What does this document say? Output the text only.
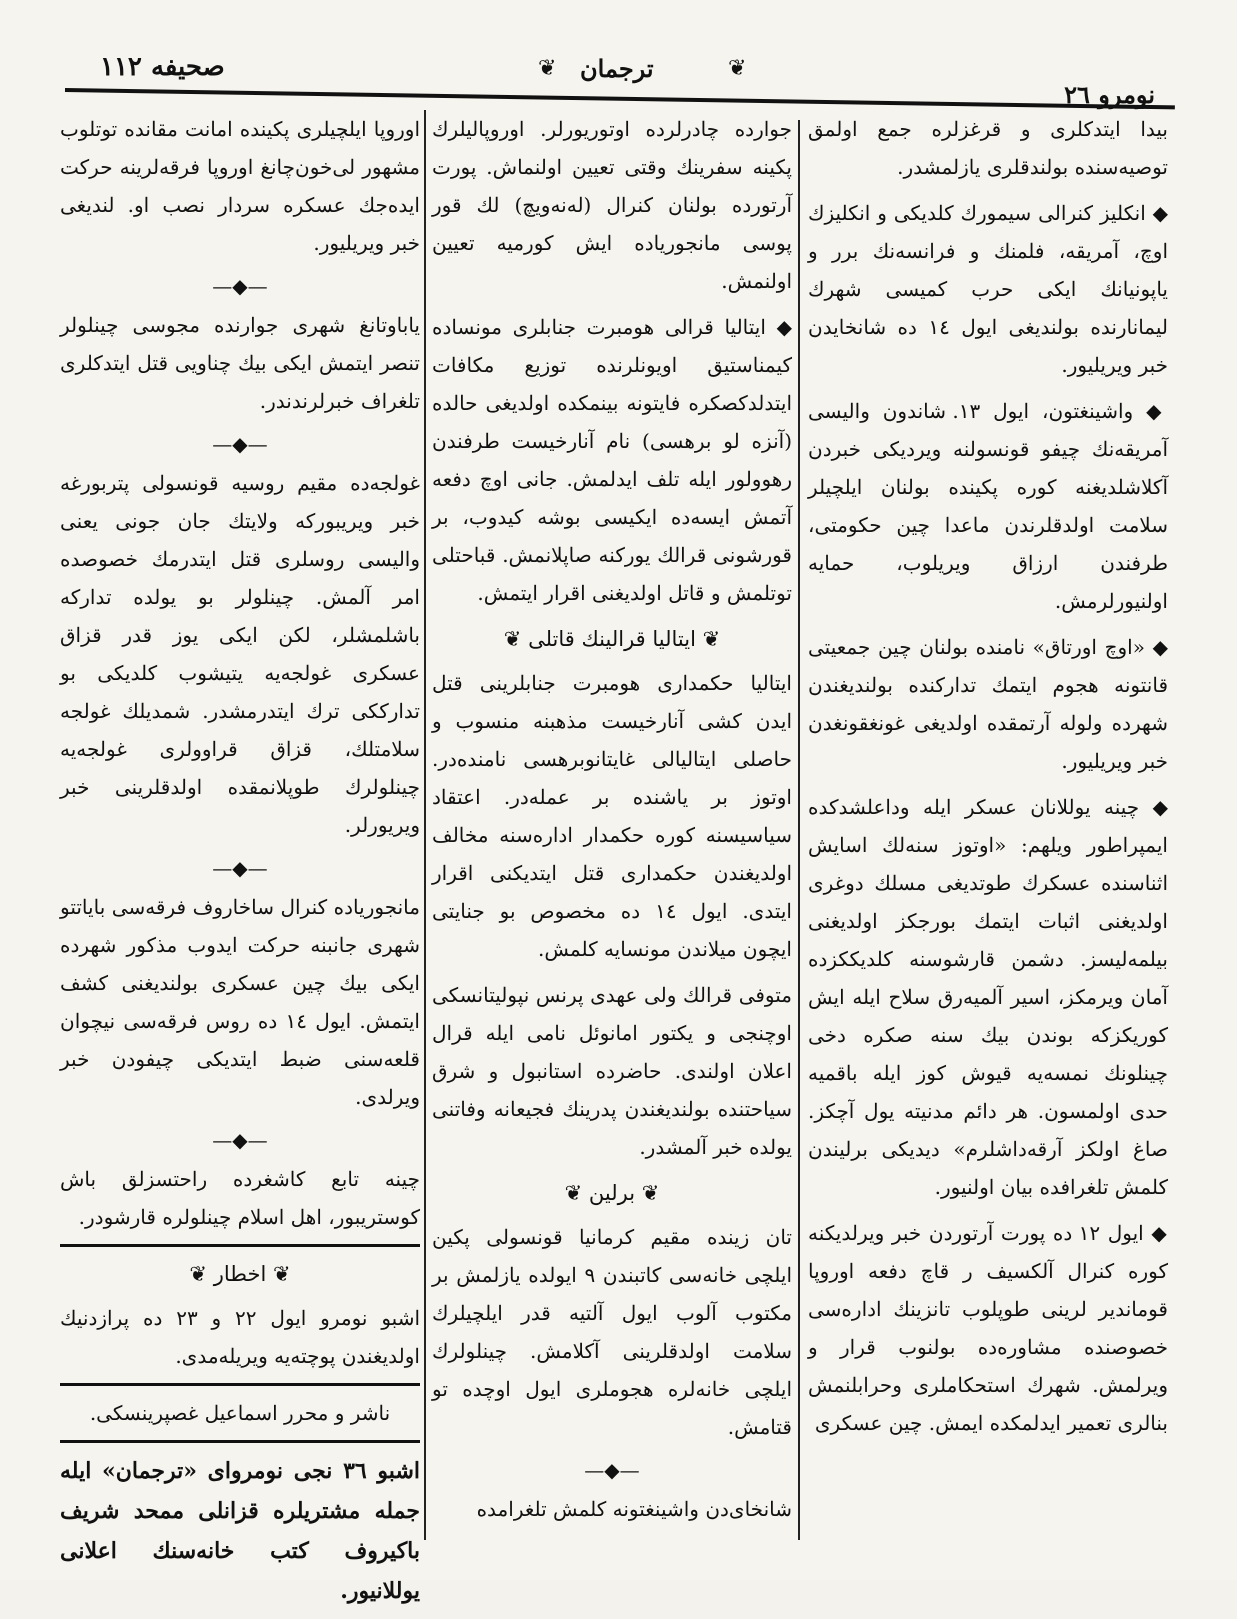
صحيفه ١١٢	❦ ترجمان	❦
نومرو ٢٦

بيدا ايتدكلرى و قرغزلره جمع اولمق توصيه‌سنده بولندقلرى يازلمشدر.

◆ انكليز كنرالى سيمورك كلديكى و انكليزك اوچ، آمريقه، فلمنك و فرانسه‌نك برر و ياپونيانك ايكى حرب كميسى شهرك ليمانارنده بولنديغى ايول ١٤ ده شانخايدن خبر ويريليور.

◆ واشينغتون، ايول ١٣. شاندون واليسى آمريقه‌نك چيفو قونسولنه ويرديكى خبردن آكلاشلديغنه كوره پكينده بولنان ايلچيلر سلامت اولدقلرندن ماعدا چين حكومتى، طرفندن ارزاق ويريلوب، حمايه اولنيورلرمش.

◆ «اوچ اورتاق» نامنده بولنان چين جمعيتى قانتونه هجوم ايتمك تداركنده بولنديغندن شهرده ولوله آرتمقده اولديغى غونغقونغدن خبر ويريليور.

◆ چينه يوللانان عسكر ايله وداعلشدكده ايمپراطور ويلهم: «اوتوز سنه‌لك اسايش اثناسنده عسكرك طوتديغى مسلك دوغرى اولديغنى اثبات ايتمك بورجكز اولديغنى بيلمه‌ليسز. دشمن قارشوسنه كلديككزده آمان ويرمكز، اسير آلميه‌رق سلاح ايله ايش كوريكزكه بوندن بيك سنه صكره دخى چينلونك نمسه‌يه قيوش كوز ايله باقميه حدى اولمسون. هر دائم مدنيته يول آچكز. صاغ اولكز آرقه‌داشلرم» ديديكى برليندن كلمش تلغرافده بيان اولنيور.

◆ ايول ١٢ ده پورت آرتوردن خبر ويرلديكنه كوره كنرال آلكسيف ر قاچ دفعه اوروپا قوماندير لرينى طوپلوب تانزينك اداره‌سى خصوصنده مشاوره‌ده بولنوب قرار و ويرلمش. شهرك استحكاملرى وحرابلنمش بنالرى تعمير ايدلمكده ايمش. چين عسكرى

جوارده چادرلرده اوتوريورلر. اوروپاليلرك پكينه سفرينك وقتى تعيين اولنماش. پورت آرتورده بولنان كنرال (له‌نه‌ويچ) لك قور پوسى مانجورياده ايش كورميه تعيين اولنمش.

◆ ايتاليا قرالى هومبرت جنابلرى مونساده كيمناستيق اويونلرنده توزيع مكافات ايتدلدكصكره فايتونه بينمكده اولديغى حالده (آنزه لو برهسى) نام آنارخيست طرفندن رهوولور ايله تلف ايدلمش. جانى اوچ دفعه آتمش ايسه‌ده ايكيسى بوشه كيدوب، بر قورشونى قرالك يوركنه صاپلانمش. قباحتلى توتلمش و قاتل اولديغنى اقرار ايتمش.

❦ ايتاليا قرالينك قاتلى ❦

ايتاليا حكمدارى هومبرت جنابلرينى قتل ايدن كشى آنارخيست مذهبنه منسوب و حاصلى ايتاليالى غايتانوبرهسى نامنده‌در. اوتوز بر ياشنده بر عمله‌در. اعتقاد سياسيسنه كوره حكمدار اداره‌سنه مخالف اولديغندن حكمدارى قتل ايتديكنى اقرار ايتدى. ايول ١٤ ده مخصوص بو جنايتى ايچون ميلاندن مونسايه كلمش.

متوفى قرالك ولى عهدى پرنس نپوليتانسكى اوچنجى و يكتور امانوئل نامى ايله قرال اعلان اولندى. حاضرده استانبول و شرق سياحتنده بولنديغندن پدرينك فجيعانه وفاتنى يولده خبر آلمشدر.

❦ برلين ❦

تان زينده مقيم كرمانيا قونسولى پكين ايلچى خانه‌سى كاتبندن ٩ ايولده يازلمش بر مكتوب آلوب ايول آلتيه قدر ايلچيلرك سلامت اولدقلرينى آكلامش. چينلولرك ايلچى خانه‌لره هجوملرى ايول اوچده تو قتامش.

—◆—

شانخاى‌دن واشينغتونه كلمش تلغرامده

اوروپا ايلچيلرى پكينده امانت مقانده توتلوب مشهور لى‌خون‌چانغ اوروپا فرقه‌لرينه حركت ايده‌جك عسكره سردار نصب او. لنديغى خبر ويريليور.

—◆—

ياباوتانغ شهرى جوارنده مجوسى چينلولر تنصر ايتمش ايكى بيك چناويى قتل ايتدكلرى تلغراف خبرلرندندر.

—◆—

غولجه‌ده مقيم روسيه قونسولى پتربورغه خبر ويريبوركه ولايتك جان جونى يعنى واليسى روسلرى قتل ايتدرمك خصوصده امر آلمش. چينلولر بو يولده تداركه باشلمشلر، لكن ايكى يوز قدر قزاق عسكرى غولجه‌يه يتيشوب كلديكى بو تدارككى ترك ايتدرمشدر. شمديلك غولجه سلامتلك، قزاق قراوولرى غولجه‌يه چينلولرك طوپلانمقده اولدقلرينى خبر ويريورلر.

—◆—

مانجورياده كنرال ساخاروف فرقه‌سى باياتتو شهرى جانبنه حركت ايدوب مذكور شهرده ايكى بيك چين عسكرى بولنديغنى كشف ايتمش. ايول ١٤ ده روس فرقه‌سى نيچوان قلعه‌سنى ضبط ايتديكى چيفودن خبر ويرلدى.

—◆—

چينه تابع كاشغرده راحتسزلق باش كوستريبور، اهل اسلام چينلولره قارشودر.

❦ اخطار ❦

اشبو نومرو ايول ٢٢ و ٢٣ ده پرازدنيك اولديغندن پوچته‌يه ويريله‌مدى.

ناشر و محرر اسماعيل غصپرينسكى.

اشبو ٣٦ نجى نومرواى «ترجمان» ايله جمله مشتريلره قزانلى ممحد شريف باكيروف كتب خانه‌سنك اعلانى يوللانيور.
